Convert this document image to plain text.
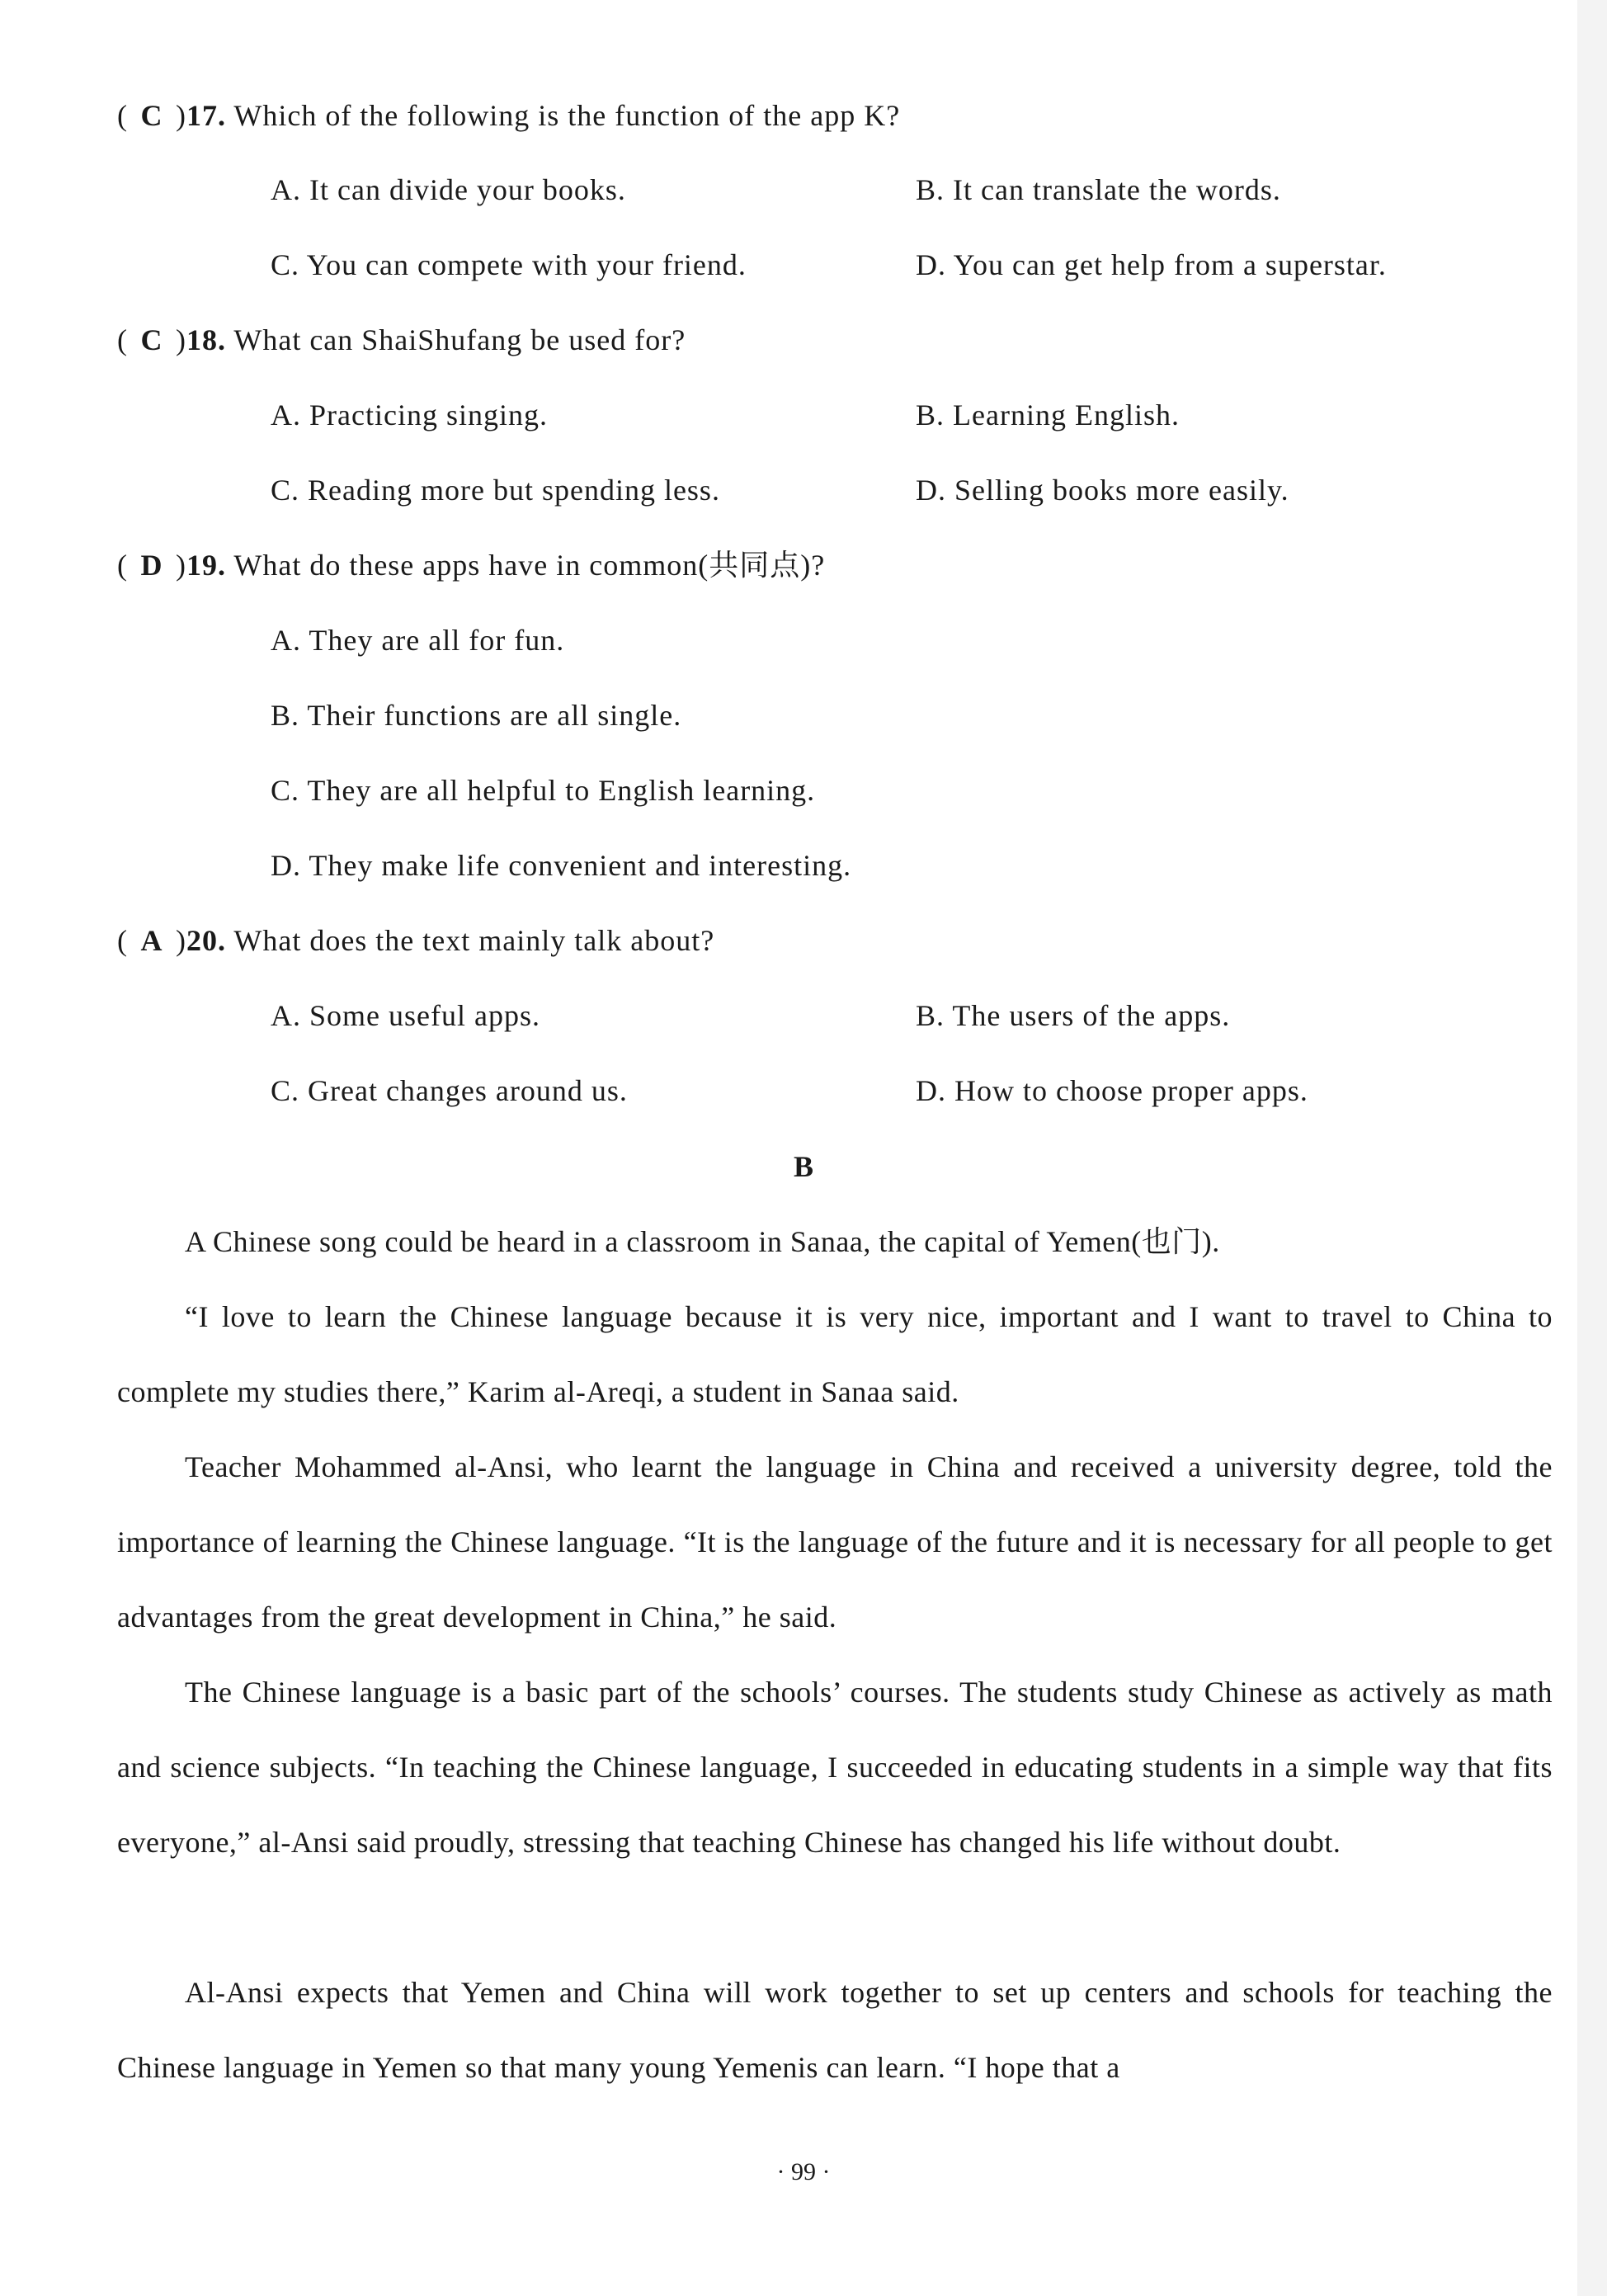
( C )17. Which of the following is the function of the app K?
A. It can divide your books.	B. It can translate the words.
C. You can compete with your friend.	D. You can get help from a superstar.
( C )18. What can ShaiShufang be used for?
A. Practicing singing.	B. Learning English.
C. Reading more but spending less.	D. Selling books more easily.
( D )19. What do these apps have in common(共同点)?
A. They are all for fun.
B. Their functions are all single.
C. They are all helpful to English learning.
D. They make life convenient and interesting.
( A )20. What does the text mainly talk about?
A. Some useful apps.	B. The users of the apps.
C. Great changes around us.	D. How to choose proper apps.
B
A Chinese song could be heard in a classroom in Sanaa, the capital of Yemen(也门).
“I love to learn the Chinese language because it is very nice, important and I want to travel to China to complete my studies there,” Karim al-Areqi, a student in Sanaa said.
Teacher Mohammed al-Ansi, who learnt the language in China and received a university degree, told the importance of learning the Chinese language. “It is the language of the future and it is necessary for all people to get advantages from the great development in China,” he said.
The Chinese language is a basic part of the schools’ courses. The students study Chinese as actively as math and science subjects. “In teaching the Chinese language, I succeeded in educating students in a simple way that fits everyone,” al-Ansi said proudly, stressing that teaching Chinese has changed his life without doubt.
Al-Ansi expects that Yemen and China will work together to set up centers and schools for teaching the Chinese language in Yemen so that many young Yemenis can learn. “I hope that a
· 99 ·
